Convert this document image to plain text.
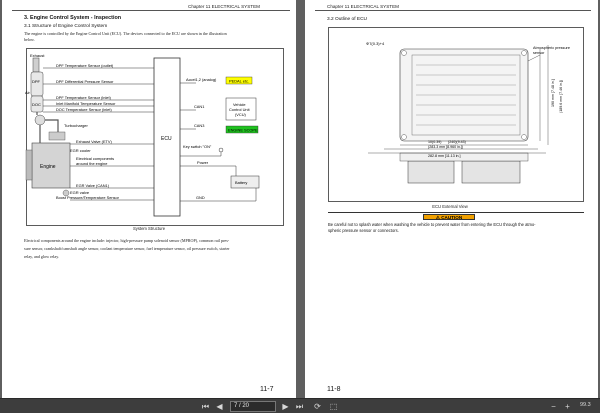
Chapter 11 ELECTRICAL SYSTEM
3. Engine Control System - Inspection
3.1 Structure of Engine Control System
The engine is controlled by the Engine Control Unit (ECU). The devices connected to the ECU are shown in the illustration
below.
Exhaust
DPF
DOC
Air
Turbocharger
Engine
EGR cooler
EGR valve
ECU
DPF Temperature Sensor (outlet)
DPF Differential Pressure Sensor
DPF Temperature Sensor (inlet)
Inlet Manifold Temperature Sensor
DOC Temperature Sensor (inlet)
Exhaust Valve (ETV)
Electrical components
around the engine
EGR Valve (CAN1)
Boost Pressure/Temperature Sensor
Accel1,2 (analog)	PEDAL etc.
CAN1	Vehicle
Control Unit
(VCU)
CAN3
ENGINE SCOPE
Key switch "ON"
Power
Battery
GND
System Structure
Electrical components around the engine include: injector, high-pressure pump solenoid sensor (MPROP), common rail pres-
sure sensor, crankshaft/camshaft angle sensor, coolant temperature sensor, fuel temperature sensor, oil pressure switch, starter
relay, and glow relay.
11-7
Chapter 11 ELECTRICAL SYSTEM
3.2 Outline of ECU
Φ7(0.3)+4
Atmospheric pressure
sensor
10(0.39) (240)(9.43)
(283.3 mm [8.960 in.])
282.8 mm [11.13 in.]
190 mm [7.48 in.] (189.6 mm [7.46 in.])
ECU External View
⚠ CAUTION
Be careful not to splash water when washing the vehicle to prevent water from entering the ECU through the atmo-
spheric pressure sensor or connectors.
11-8
⏮ ◀	7 / 20	▶ ⏭ ⟳ ⬚	−	+	99.3
